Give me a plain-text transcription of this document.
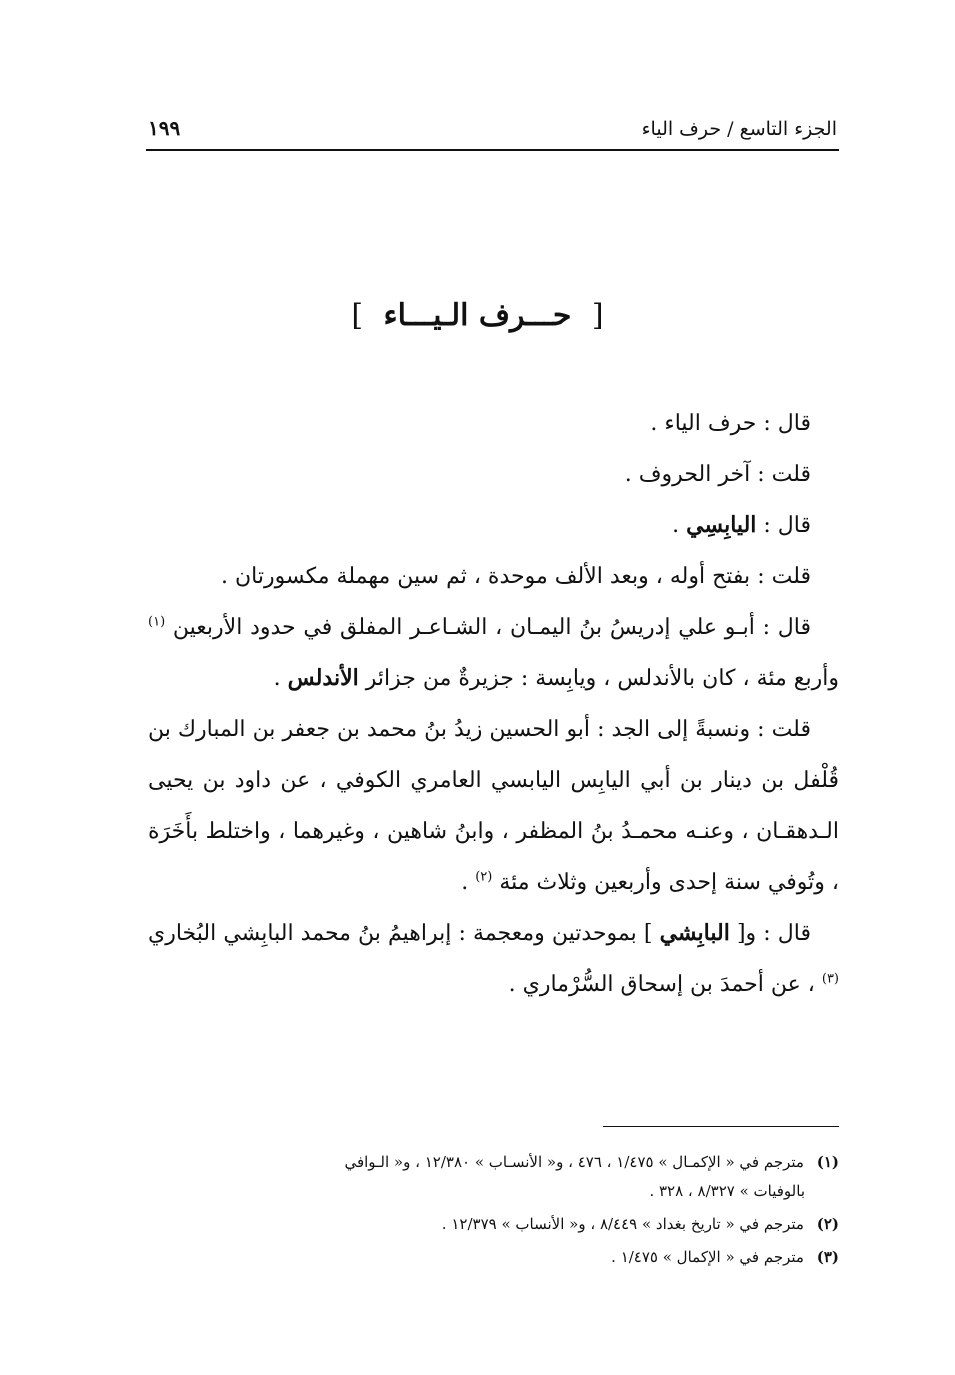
الجزء التاسع / حرف الياء
١٩٩
[ حـــرف الـيـــاء ]

قال : حرف الياء .

قلت : آخر الحروف .

قال : اليابِسِي .

قلت : بفتح أوله ، وبعد الألف موحدة ، ثم سين مهملة مكسورتان .

قال : أبـو علي إدريسُ بنُ اليمـان ، الشـاعـر المفلق في حدود الأربعين $^{(١)}$ وأربع مئة ، كان بالأندلس ، ويابِسة : جزيرةٌ من جزائر الأندلس .

قلت : ونسبةً إلى الجد : أبو الحسين زيدُ بنُ محمد بن جعفر بن المبارك بن قُلْفل بن دينار بن أبي اليابِس اليابسي العامري الكوفي ، عن داود بن يحيى الـدهقـان ، وعنـه محمـدُ بنُ المظفر ، وابنُ شاهين ، وغيرهما ، واختلط بأَخَرَة ، وتُوفي سنة إحدى وأربعين وثلاث مئة $^{(٢)}$ .

قال : و[ البابِشي ] بموحدتين ومعجمة : إبراهيمُ بنُ محمد البابِشي البُخاري $^{(٣)}$ ، عن أحمدَ بن إسحاق السُّرْماري .

(١) مترجم في « الإكمـال » ١/٤٧٥ ، ٤٧٦ ، و« الأنسـاب » ١٢/٣٨٠ ، و« الـوافي
بالوفيات » ٨/٣٢٧ ، ٣٢٨ .
(٢) مترجم في « تاريخ بغداد » ٨/٤٤٩ ، و« الأنساب » ١٢/٣٧٩ .
(٣) مترجم في « الإكمال » ١/٤٧٥ .
